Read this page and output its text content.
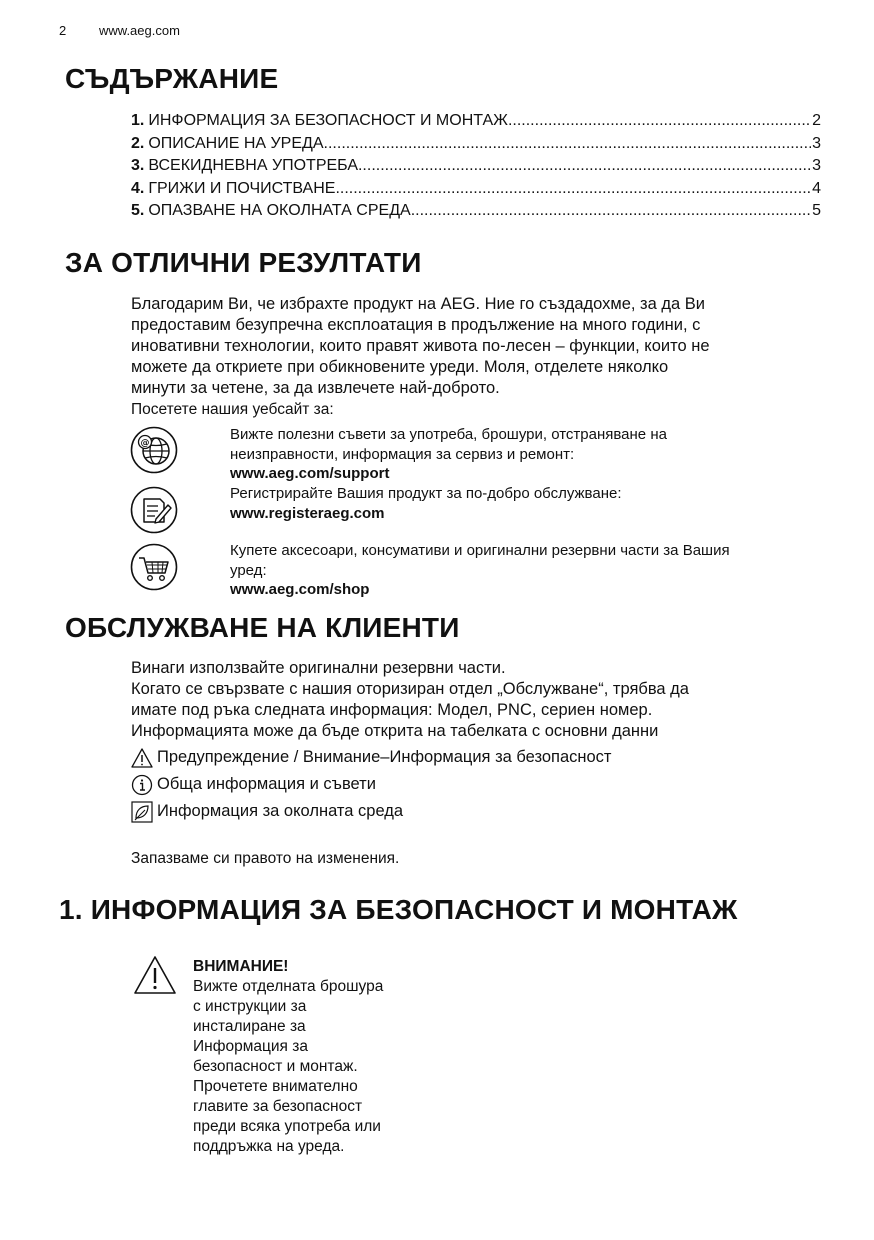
2	www.aeg.com
СЪДЪРЖАНИЕ
1. ИНФОРМАЦИЯ ЗА БЕЗОПАСНОСТ И МОНТАЖ .....	2
2. ОПИСАНИЕ НА УРЕДА .....	3
3. ВСЕКИДНЕВНА УПОТРЕБА .....	3
4. ГРИЖИ И ПОЧИСТВАНЕ .....	4
5. ОПАЗВАНЕ НА ОКОЛНАТА СРЕДА .....	5
ЗА ОТЛИЧНИ РЕЗУЛТАТИ
Благодарим Ви, че избрахте продукт на AEG. Ние го създадохме, за да Ви
предоставим безупречна експлоатация в продължение на много години, с
иновативни технологии, които правят живота по-лесен – функции, които не
можете да откриете при обикновените уреди. Моля, отделете няколко
минути за четене, за да извлечете най-доброто.
Посетете нашия уебсайт за:
@
Вижте полезни съвети за употреба, брошури, отстраняване на
неизправности, информация за сервиз и ремонт:
www.aeg.com/support
Регистрирайте Вашия продукт за по-добро обслужване:
www.registeraeg.com
Купете аксесоари, консумативи и оригинални резервни части за Вашия
уред:
www.aeg.com/shop
ОБСЛУЖВАНЕ НА КЛИЕНТИ
Винаги използвайте оригинални резервни части.
Когато се свързвате с нашия оторизиран отдел „Обслужване“, трябва да
имате под ръка следната информация: Модел, PNC, сериен номер.
Информацията може да бъде открита на табелката с основни данни
Предупреждение / Внимание–Информация за безопасност
Обща информация и съвети
Информация за околната среда
Запазваме си правото на изменения.
1. ИНФОРМАЦИЯ ЗА БЕЗОПАСНОСТ И МОНТАЖ
ВНИМАНИЕ!
Вижте отделната брошура
с инструкции за
инсталиране за
Информация за
безопасност и монтаж.
Прочетете внимателно
главите за безопасност
преди всяка употреба или
поддръжка на уреда.
